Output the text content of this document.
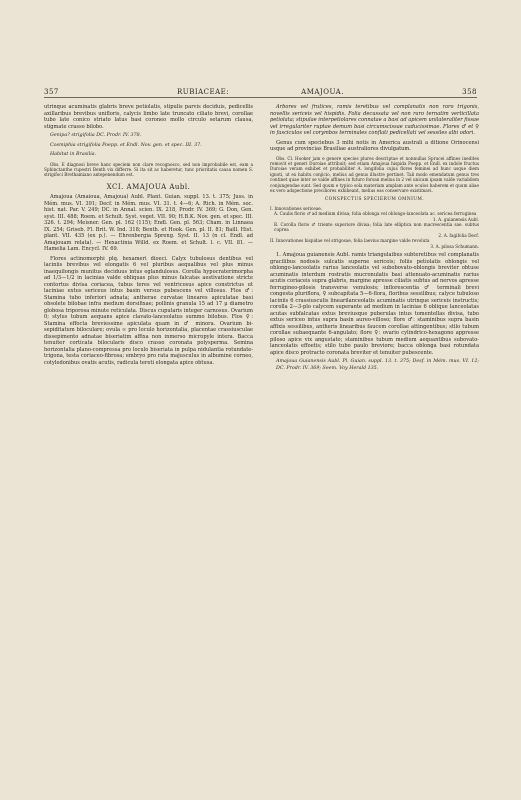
357	RUBIACEAE:	AMAJOUA.	358

utrinque acuminatis glabris breve petiolatis, stipulis parvis deciduis, pedicellis axillaribus brevibus unifloris, calycis limbo late truncato ciliato brevi, corollae tubo late conico striato latus basi coroneo mollo circulo setarum clausa, stigmate crasso bilobo.

Genipa? strigifolia DC. Prodr. IV. 378.

Cosmiphia strigifolia Poepp. et Endl. Nov. gen. et spec. III. 37.

Habitat in Brasilia.

Obs. E diagnosi breve hanc speciem non clare recognosco, sed non improbabile est, eam a Sphinctanthe rupestri Benth vix differre. Si ita sit ac haberetur, tunc prioritatis causa nomen S. strigifoci Brethamiano antepenendum est.

XCI. AMAJOUA Aubl.

Amajoua (Amaioua, Amajoua) Aubl. Plant. Guian. suppl. 13. t. 375; Juss. in Mém. mus. VI. 391; Decf. in Mém. mus. VI. 31. t. 4—6; A. Rich. in Mém. soc. hist. nat. Par. V. 249; DC. in Annal. scien. IX. 218, Prodr. IV. 369; G. Don, Gen. syst. III. 488; Roem. et Schult. Syst. veget. VII. 90; H.B.K. Nov. gen. et spec. III. 326. t. 294; Meisner. Gen. pl. 162 (115); Endl. Gen. pl. 563; Cham. in Linnaea IX. 254; Griseb. Fl. Brit. W. Ind. 318; Benth. et Hook. Gen. pl. II. 81; Baill. Hist. plant. VII. 435 (ex p.). — Ehrenbergia Spreng. Syst. II. 13 (n cl. Endl. ad Amajouam relata). — Hexactinia Willd. ex Roem. et Schult. l. c. VII. 81. — Hamelia Lam. Encycl. IV. 69.

Flores actinomorphi plq. hexameri dioeci. Calyx tubulosus dentibus vel laciniis brevibus vel elongatis 6 vel pluribus aequalibus vel plus minus inaequilongis munitus deciduus intus eglandulosus. Corolla hypocraterimorpha ad 1/3—1/2 in lacinias valde obliquas plus minus falcatas aestivatione stricte contortus divisa coriacea, tubus teres vel ventricosus apice constrictus ut laciniae extus sericeus intus basin versus pubescens vel villosus. Flos ♂: Stamina tubo inferiori adnata; antherae curvatae lineares apiculatae basi obsolete bilobae infra medium dorsifixae; pollinis granula 15 ad 17 μ diametro globosa triporosa minute reticulata. Discus cupularis integer carnosus. Ovarium 0; stylus tubum aequans apice clavato-lanceolatus summo bilobus. Flos ♀: Stamina effocta breviessime apiculata quam in ♂ minora. Ovarium bi-sepiditatum biloculare; ovula ∞ pro loculo horizontalia, placentae crassiusculae dissepimento adnatae biseriatim affixa non inmerso micropyle intera. Bacca tenuiter corticata bilocularis disco crasso coronata polysperma. Semina horizontalia plano-compressa pro loculo biseriata in pulpa nidulantia rotundate-trigona, testa coriaceo-fibrosa; embryo pro rata majusculus in albumine corneo, cotyledonibus ovatis acutis, radicula tereti elongata apice obtusa.

Arbores vel frutices, ramis teretibus vel complanatis non raro trigonis, novellis sericeis vel hispidis. Folia decussata vel non raro ternatim verticillata petiolata; stipulae interpetiolares connatae a basi ad apicem unilateraliter fissae vel irregulariter ruptae demum basi circumscissae caducissimae. Flores ♂ et ♀ in fasciculos vel corymbos terminales conflati pedicellati vel sessiles albi odori.

Genus cum speciebus 3 mihi notis in America australi a ditione Orinocensi usque ad provincias Brasiliae australiores divulgatum.

Obs. Cl. Hooker jam e genere species plures descriptae et nonnullas Sprucei affines inedites removit et generi Duroiae attribuit; sed etiam Amajoua hispida Poepp. et Endl. ex indole fructus Duroiae veram exhibet et probabiliter A. longifolia cujus flores feminei ad hunc usque diem ignoti, ut ex habitu conjicio, melius ad genus illustre pertinet. Tali modo emendatum genus tres continet quae inter se valde affines in futuro forsan melius in 2 vel unicam ipsam valde variabilem conjungendae sunt. Sed quum e typico sola materiam amplam ante oculos haberem et quum aliae ex vero adspectione preciliores exhibeant, melius eas conservare existimavi.

CONSPECTUS SPECIERUM OMNIUM.
I. Innovationes sericeae.
A. Caulis florio ♂ ad medium divisa; folia oblonga vel oblongo-lanceolata ac. sericea ferruginea
1. A. guianensis Aubl.
B. Corolla florio ♂ triente superiore divisa; folia late elliptica non macrescentia sae. subtus cuprea
2. A. fagifolia Decf.
II. Innovationes hispidae vel strigosae, folia laevius margine valde revoluta
3. A. pilosa Schumann.

1. Amajoua guianensis Aubl. ramis triangulaibus subteretibus vel complanatis gracilibus nodosis sulcatis superne sericeis; foliis petiolatis oblongis vel oblongo-lanceolatis rarius lanceolatis vel subobovato-oblongis breviter obtuse acuminatis interdum rostratis mucronulatis basi attenuato-acuminatis rarius acutis coriaceis supra glabris, margine apresse ciliatis subtus ad nervos apresse ferrugineo-pilosis transverse venulosis; inflorescentia ♂ terminali brevi congesta pluriflora, ♀ subcapitata 5—6-flora, floribus sessilibus; calyce tubuloso laciniis 6 crassiusculis linearilanceolatis acuminatis utrinque sericeis instructis; corolla 2—3-plo calycem superante ad medium in lacinias 6 oblique lanceolatas acutas subfalcatas extus breviusque puberulas intus tomentellas divisa, tubo extus sericeo intus supra basin aureo-villoso; flore ♂: staminibus supra basin affixis sessilibus, antheris linearibus faucem corollae attingentibus; stilo tubum corollae subaequante 6-angulato; flore ♀: ovario cylindrico-hexagono appresse piloso apice vix angustato; staminibus tubum medium aequantibus subovato-lanceolatis effoetis; stilo tubo paulo breviore; bacca oblonga basi rotundata apice disco protracto coronata breviter et tenuiter pubescente.

Amajoua Guianensis Aubl. Pl. Guian. suppl. 13. t. 375; Desf. in Mém. mus. VI. 12; DC. Prodr. IV. 369; Seem. Voy Herald 135.
